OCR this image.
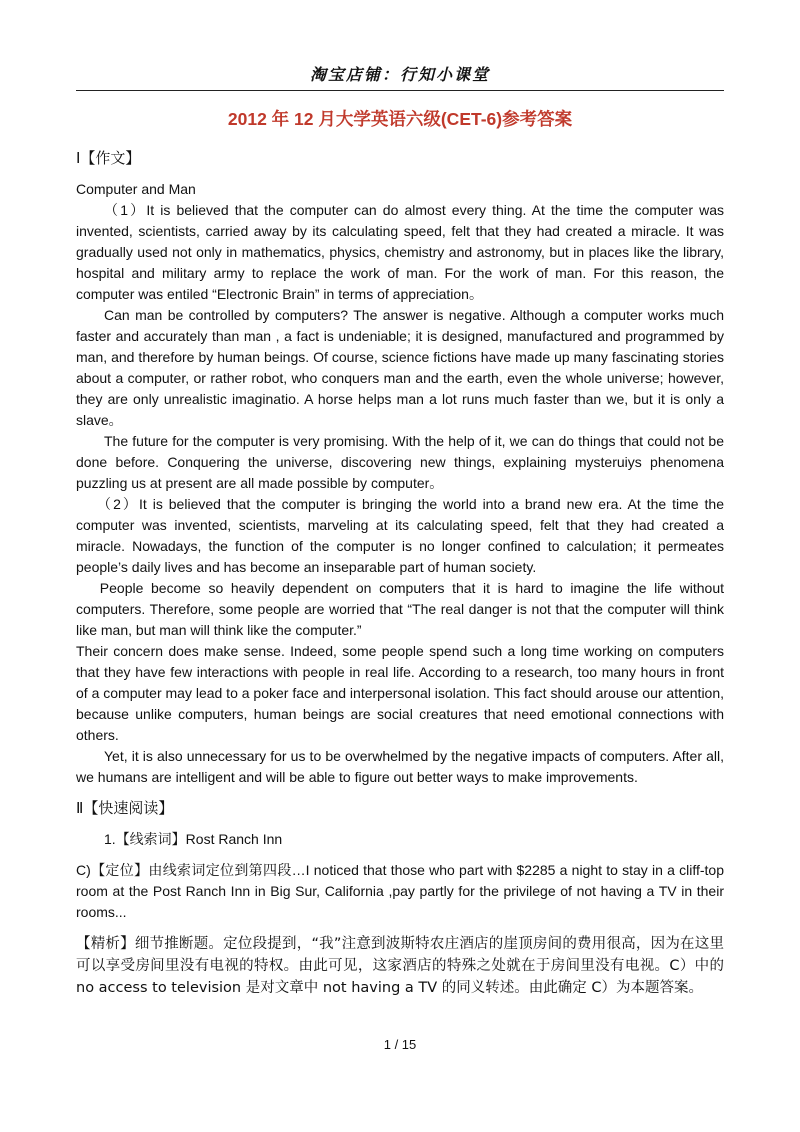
淘宝店铺：行知小课堂
2012 年 12 月大学英语六级(CET-6)参考答案
Ⅰ【作文】

Computer and Man

（1）It is believed that the computer can do almost every thing. At the time the computer was invented, scientists, carried away by its calculating speed, felt that they had created a miracle. It was gradually used not only in mathematics, physics, chemistry and astronomy, but in places like the library, hospital and military army to replace the work of man. For the work of man. For this reason, the computer was entiled “Electronic Brain” in terms of appreciation。

Can man be controlled by computers? The answer is negative. Although a computer works much faster and accurately than man , a fact is undeniable; it is designed, manufactured and programmed by man, and therefore by human beings. Of course, science fictions have made up many fascinating stories about a computer, or rather robot, who conquers man and the earth, even the whole universe; however, they are only unrealistic imaginatio. A horse helps man a lot runs much faster than we, but it is only a slave。

The future for the computer is very promising. With the help of it, we can do things that could not be done before. Conquering the universe, discovering new things, explaining mysteruiys phenomena puzzling us at present are all made possible by computer。

（2）It is believed that the computer is bringing the world into a brand new era. At the time the computer was invented, scientists, marveling at its calculating speed, felt that they had created a miracle. Nowadays, the function of the computer is no longer confined to calculation; it permeates people’s daily lives and has become an inseparable part of human society.

People become so heavily dependent on computers that it is hard to imagine the life without computers. Therefore, some people are worried that “The real danger is not that the computer will think like man, but man will think like the computer.”

Their concern does make sense. Indeed, some people spend such a long time working on computers that they have few interactions with people in real life. According to a research, too many hours in front of a computer may lead to a poker face and interpersonal isolation. This fact should arouse our attention, because unlike computers, human beings are social creatures that need emotional connections with others.

Yet, it is also unnecessary for us to be overwhelmed by the negative impacts of computers. After all, we humans are intelligent and will be able to figure out better ways to make improvements.

Ⅱ【快速阅读】

1.【线索词】Rost Ranch Inn

C)【定位】由线索词定位到第四段…I noticed that those who part with $2285 a night to stay in a cliff-top room at the Post Ranch Inn in Big Sur, California ,pay partly for the privilege of not having a TV in their rooms...

【精析】细节推断题。定位段提到，“我”注意到波斯特农庄酒店的崖顶房间的费用很高，因为在这里可以享受房间里没有电视的特权。由此可见，这家酒店的特殊之处就在于房间里没有电视。C）中的 no access to television 是对文章中 not having a TV 的同义转述。由此确定 C）为本题答案。

1 / 15
